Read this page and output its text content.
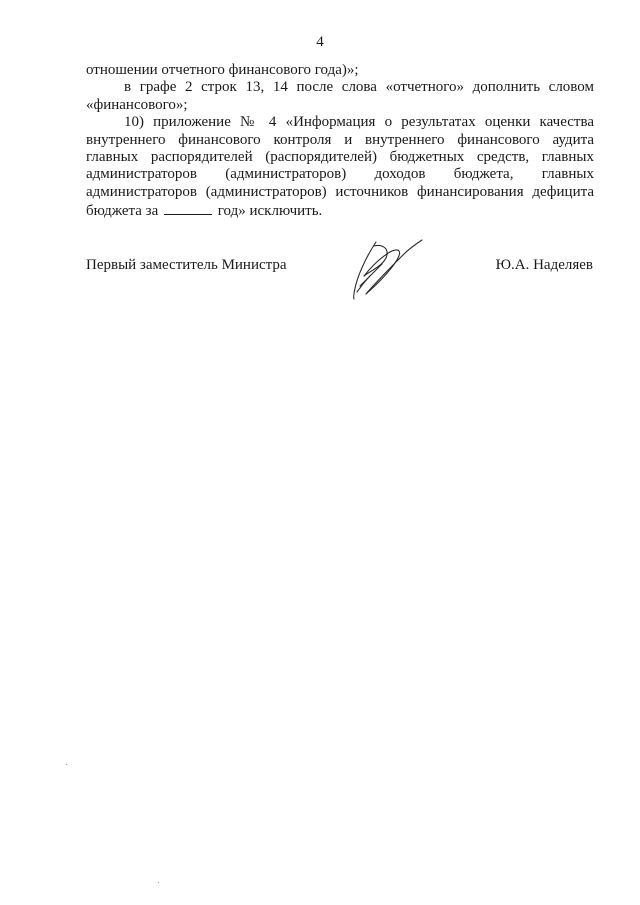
4

отношении отчетного финансового года)»;

в графе 2 строк 13, 14 после слова «отчетного» дополнить словом «финансового»;

10) приложение № 4 «Информация о результатах оценки качества внутреннего финансового контроля и внутреннего финансового аудита главных распорядителей (распорядителей) бюджетных средств, главных администраторов (администраторов) доходов бюджета, главных администраторов (администраторов) источников финансирования дефицита бюджета за	год» исключить.

Первый заместитель Министра	Ю.А. Наделяев
